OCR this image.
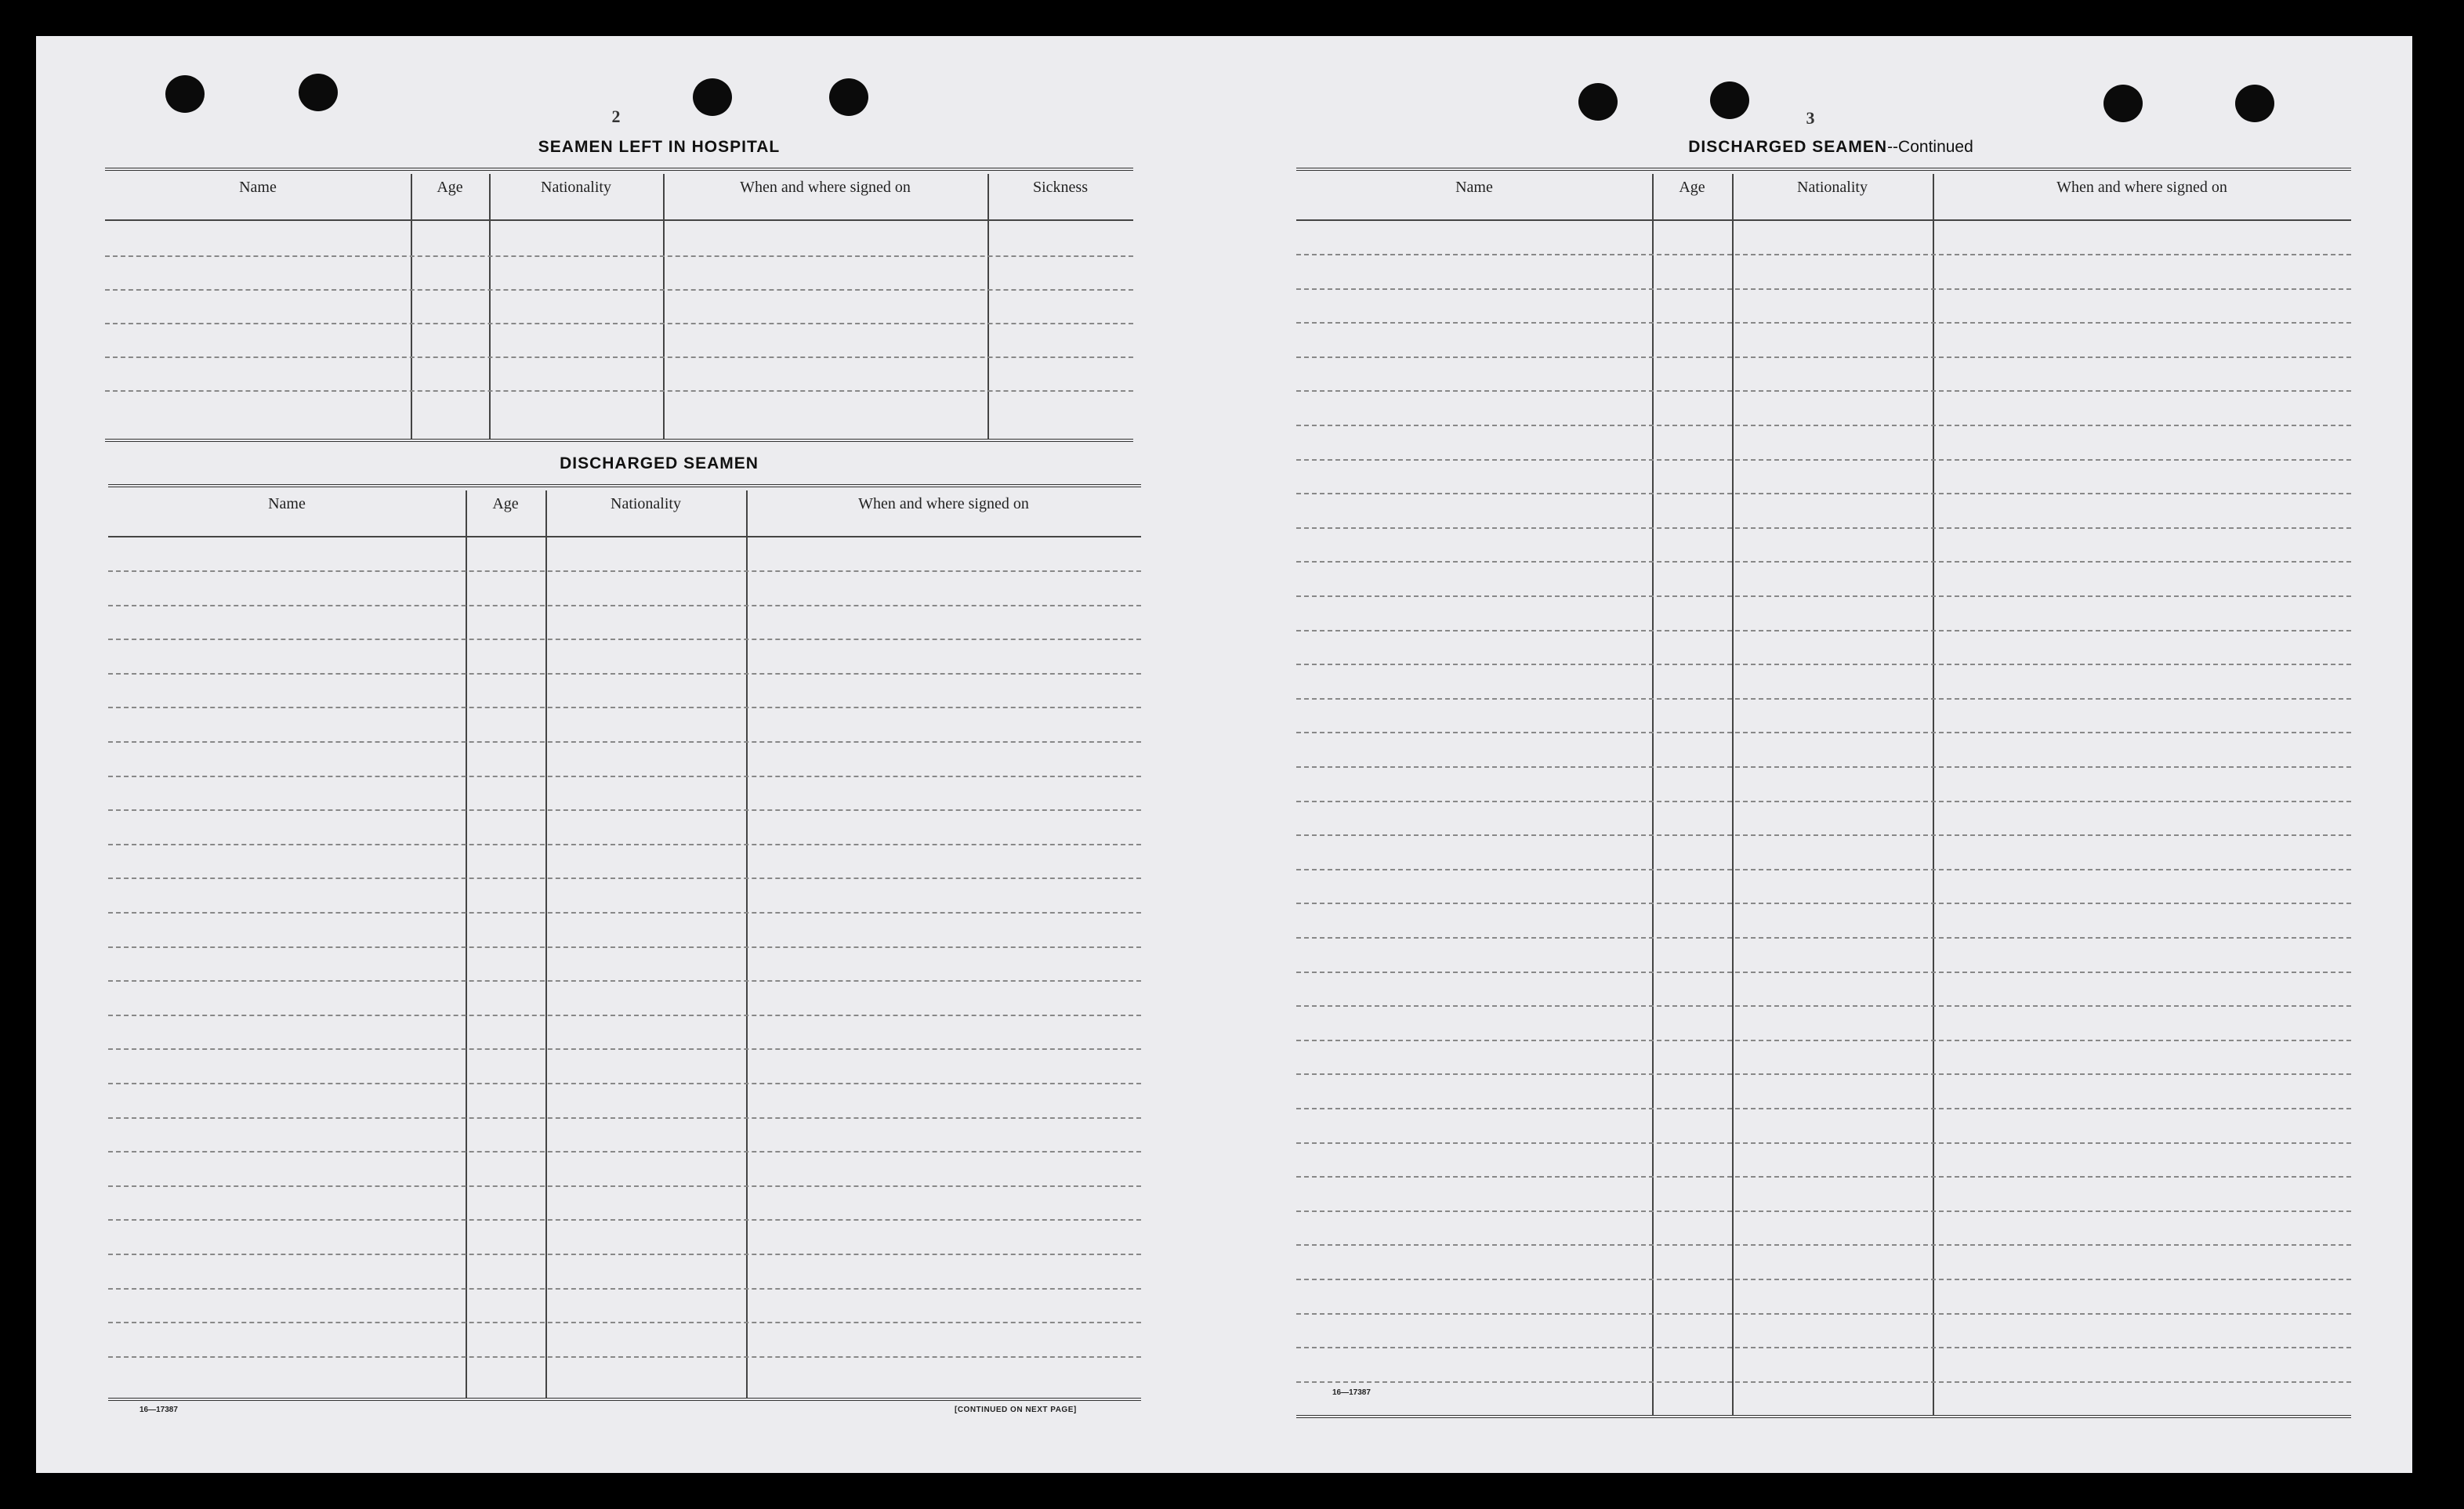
2
SEAMEN LEFT IN HOSPITAL
Name	Age	Nationality	When and where signed on	Sickness
DISCHARGED SEAMEN
Name	Age	Nationality	When and where signed on
16—17387	[CONTINUED ON NEXT PAGE]
3
DISCHARGED SEAMEN--Continued
Name	Age	Nationality	When and where signed on
16—17387
